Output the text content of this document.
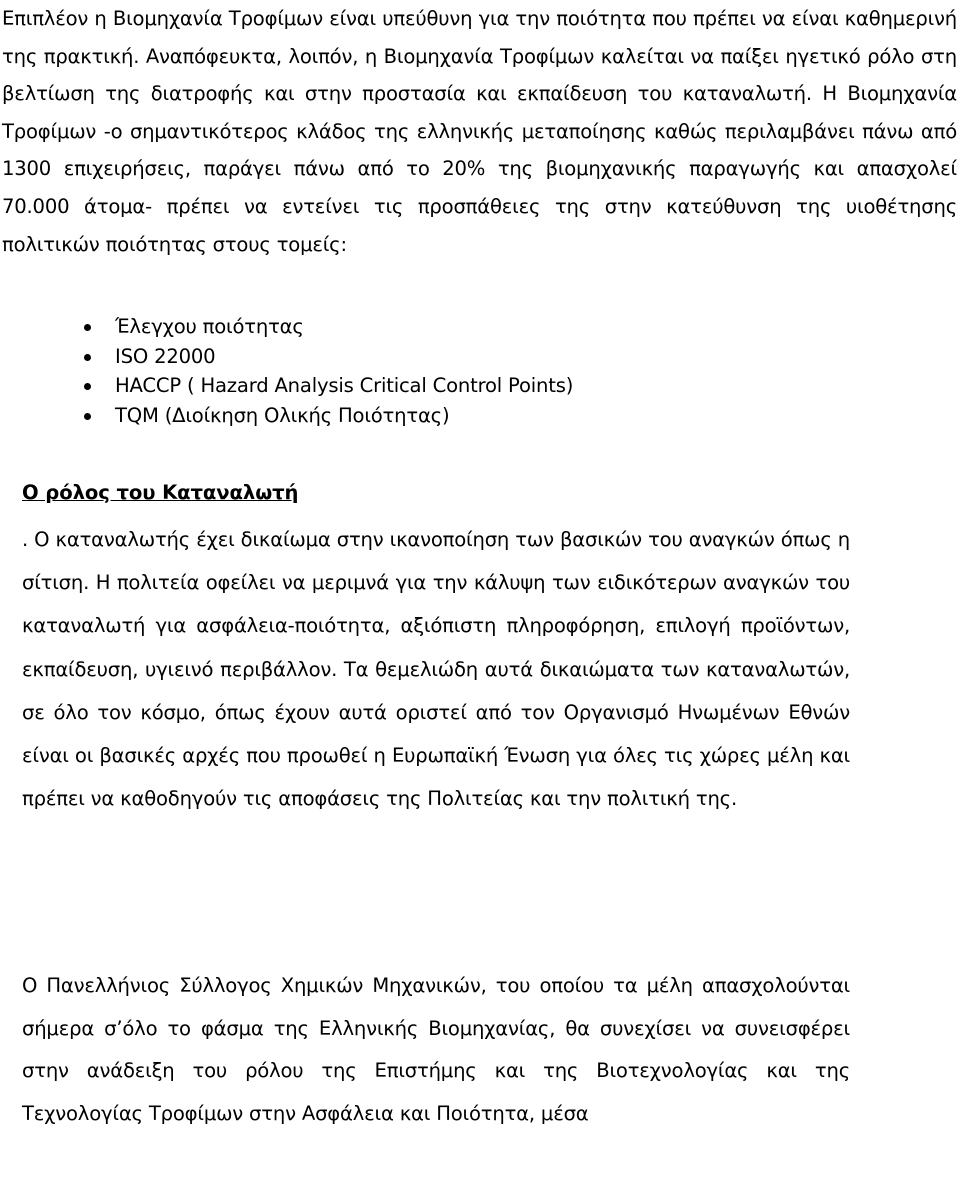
Επιπλέον η Βιομηχανία Τροφίμων είναι υπεύθυνη για την ποιότητα που πρέπει να είναι καθημερινή της πρακτική. Αναπόφευκτα, λοιπόν, η Βιομηχανία Τροφίμων καλείται να παίξει ηγετικό ρόλο στη βελτίωση της διατροφής και στην προστασία και εκπαίδευση του καταναλωτή. Η Βιομηχανία Τροφίμων -ο σημαντικότερος κλάδος της ελληνικής μεταποίησης καθώς περιλαμβάνει πάνω από 1300 επιχειρήσεις, παράγει πάνω από το 20% της βιομηχανικής παραγωγής και απασχολεί 70.000 άτομα- πρέπει να εντείνει τις προσπάθειες της στην κατεύθυνση της υιοθέτησης πολιτικών ποιότητας στους τομείς:

Έλεγχου ποιότητας
ISO 22000
HACCP ( Hazard Analysis Critical Control Points)
TQM (Διοίκηση Ολικής Ποιότητας)
Ο ρόλος του Καταναλωτή

. Ο καταναλωτής έχει δικαίωμα στην ικανοποίηση των βασικών του αναγκών όπως η σίτιση. Η πολιτεία οφείλει να μεριμνά για την κάλυψη των ειδικότερων αναγκών του καταναλωτή για ασφάλεια-ποιότητα, αξιόπιστη πληροφόρηση, επιλογή προϊόντων, εκπαίδευση, υγιεινό περιβάλλον. Τα θεμελιώδη αυτά δικαιώματα των καταναλωτών, σε όλο τον κόσμο, όπως έχουν αυτά οριστεί από τον Οργανισμό Ηνωμένων Εθνών είναι οι βασικές αρχές που προωθεί η Ευρωπαϊκή Ένωση για όλες τις χώρες μέλη και πρέπει να καθοδηγούν τις αποφάσεις της Πολιτείας και την πολιτική της.

Ο Πανελλήνιος Σύλλογος Χημικών Μηχανικών, του οποίου τα μέλη απασχολούνται σήμερα σ’όλο το φάσμα της Ελληνικής Βιομηχανίας, θα συνεχίσει να συνεισφέρει στην ανάδειξη του ρόλου της Επιστήμης και της Βιοτεχνολογίας και της Τεχνολογίας Τροφίμων στην Ασφάλεια και Ποιότητα, μέσα
